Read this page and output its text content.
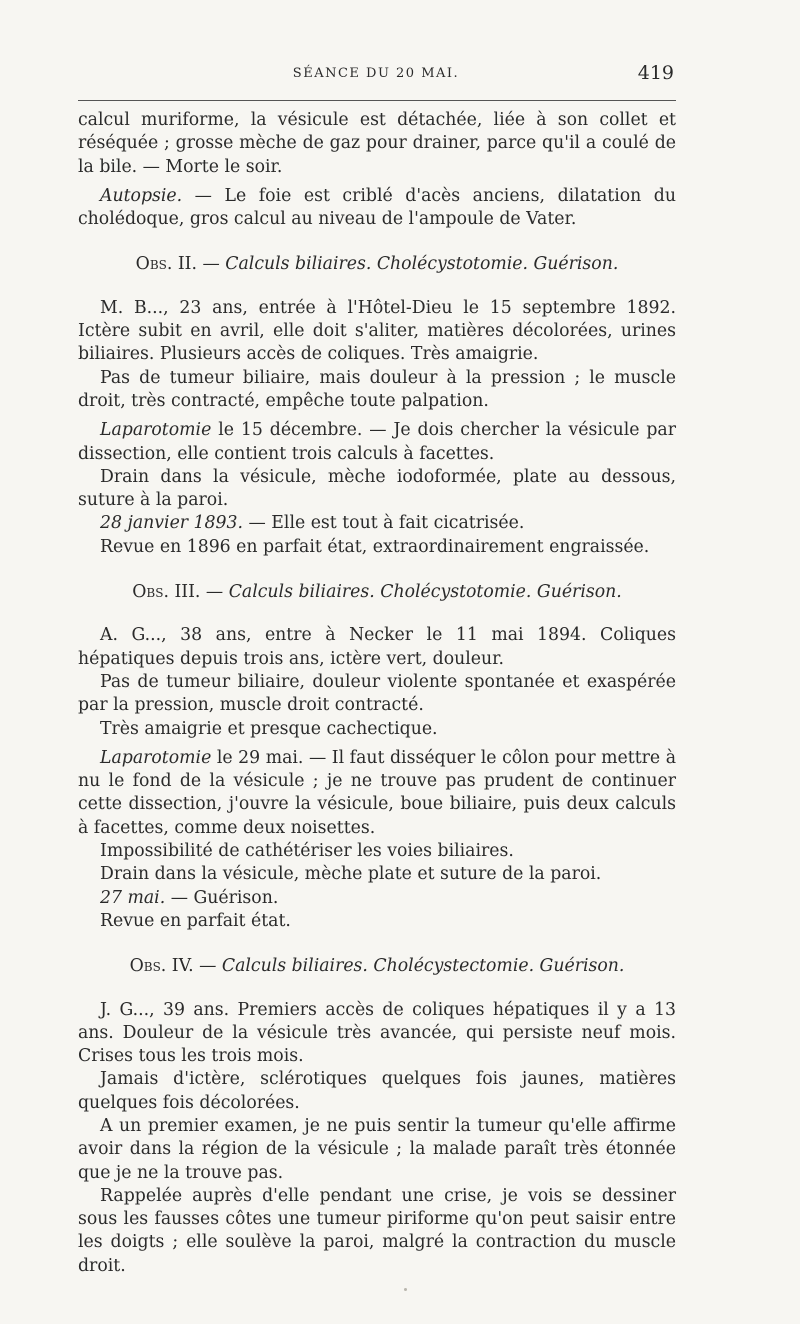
SÉANCE DU 20 MAI.	419

calcul muriforme, la vésicule est détachée, liée à son collet et réséquée ; grosse mèche de gaz pour drainer, parce qu'il a coulé de la bile. — Morte le soir.

Autopsie. — Le foie est criblé d'acès anciens, dilatation du cholédoque, gros calcul au niveau de l'ampoule de Vater.

Obs. II. — Calculs biliaires. Cholécystotomie. Guérison.

M. B..., 23 ans, entrée à l'Hôtel-Dieu le 15 septembre 1892. Ictère subit en avril, elle doit s'aliter, matières décolorées, urines biliaires. Plusieurs accès de coliques. Très amaigrie.

Pas de tumeur biliaire, mais douleur à la pression ; le muscle droit, très contracté, empêche toute palpation.

Laparotomie le 15 décembre. — Je dois chercher la vésicule par dissection, elle contient trois calculs à facettes.

Drain dans la vésicule, mèche iodoformée, plate au dessous, suture à la paroi.

28 janvier 1893. — Elle est tout à fait cicatrisée.

Revue en 1896 en parfait état, extraordinairement engraissée.

Obs. III. — Calculs biliaires. Cholécystotomie. Guérison.

A. G..., 38 ans, entre à Necker le 11 mai 1894. Coliques hépatiques depuis trois ans, ictère vert, douleur.

Pas de tumeur biliaire, douleur violente spontanée et exaspérée par la pression, muscle droit contracté.

Très amaigrie et presque cachectique.

Laparotomie le 29 mai. — Il faut disséquer le côlon pour mettre à nu le fond de la vésicule ; je ne trouve pas prudent de continuer cette dissection, j'ouvre la vésicule, boue biliaire, puis deux calculs à facettes, comme deux noisettes.

Impossibilité de cathétériser les voies biliaires.

Drain dans la vésicule, mèche plate et suture de la paroi.

27 mai. — Guérison.

Revue en parfait état.

Obs. IV. — Calculs biliaires. Cholécystectomie. Guérison.

J. G..., 39 ans. Premiers accès de coliques hépatiques il y a 13 ans. Douleur de la vésicule très avancée, qui persiste neuf mois. Crises tous les trois mois.

Jamais d'ictère, sclérotiques quelques fois jaunes, matières quelques fois décolorées.

A un premier examen, je ne puis sentir la tumeur qu'elle affirme avoir dans la région de la vésicule ; la malade paraît très étonnée que je ne la trouve pas.

Rappelée auprès d'elle pendant une crise, je vois se dessiner sous les fausses côtes une tumeur piriforme qu'on peut saisir entre les doigts ; elle soulève la paroi, malgré la contraction du muscle droit.
